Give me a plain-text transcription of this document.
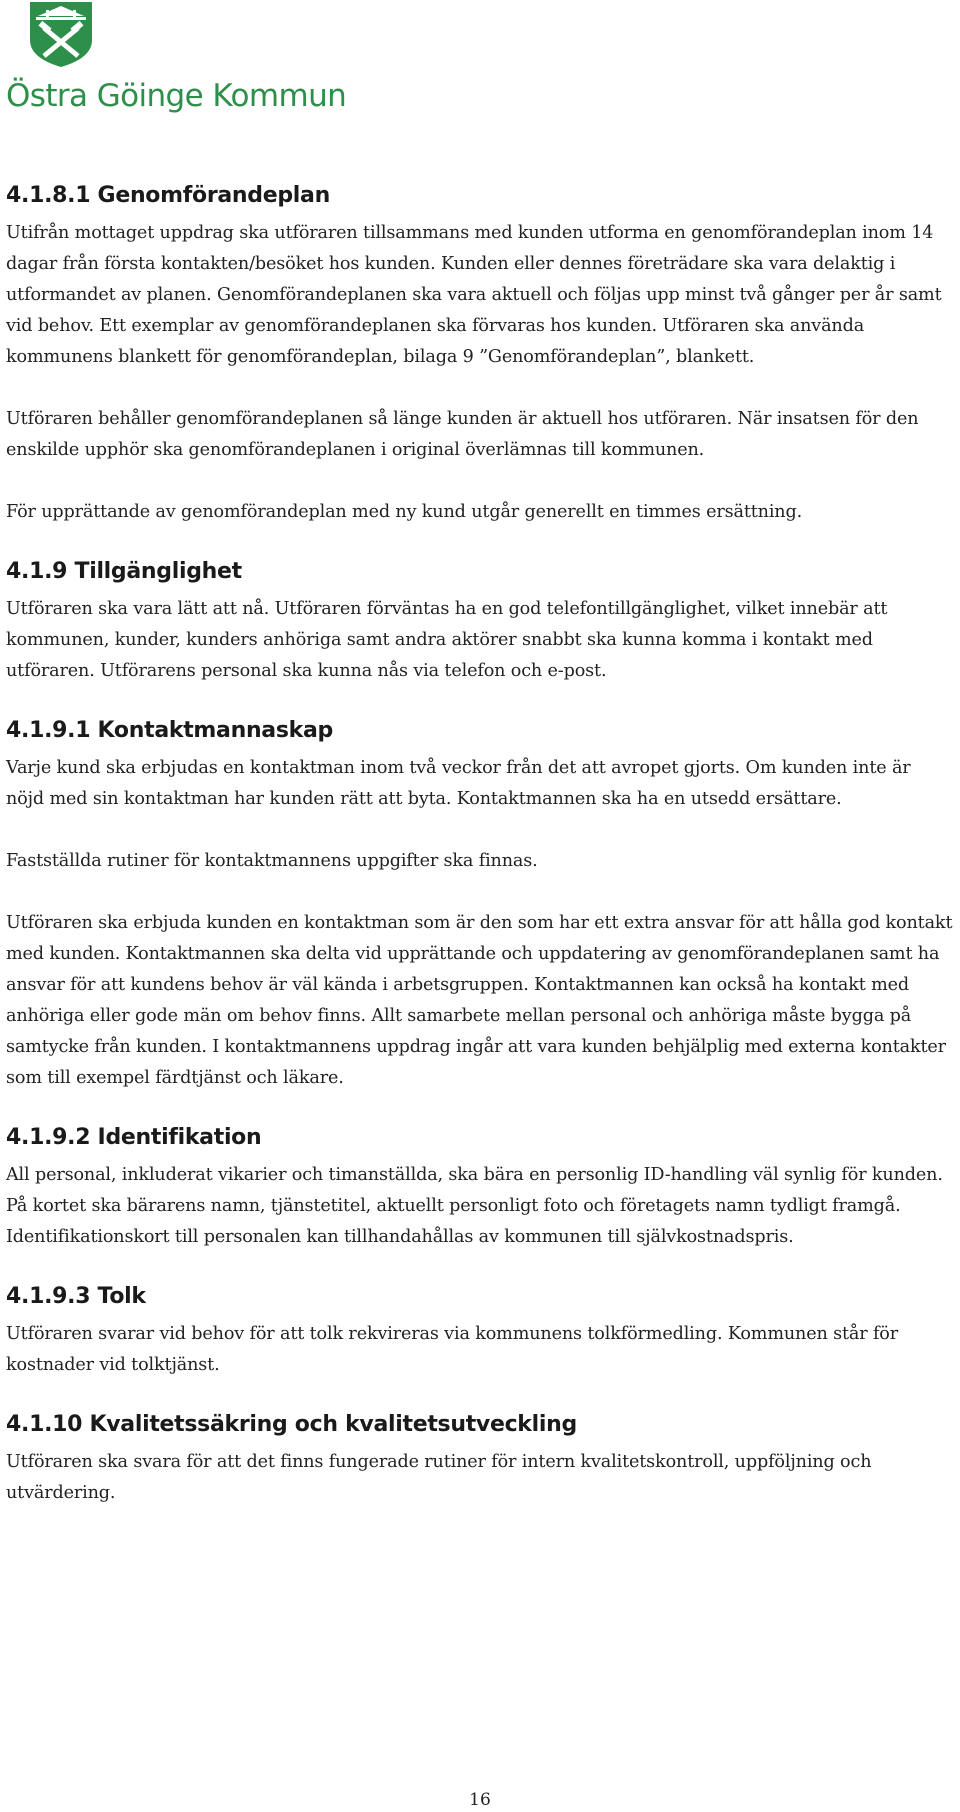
Östra Göinge Kommun
4.1.8.1 Genomförandeplan

Utifrån mottaget uppdrag ska utföraren tillsammans med kunden utforma en genomförandeplan inom 14 dagar från första kontakten/besöket hos kunden. Kunden eller dennes företrädare ska vara delaktig i utformandet av planen. Genomförandeplanen ska vara aktuell och följas upp minst två gånger per år samt vid behov. Ett exemplar av genomförandeplanen ska förvaras hos kunden. Utföraren ska använda kommunens blankett för genomförandeplan, bilaga 9 ”Genomförandeplan”, blankett.

Utföraren behåller genomförandeplanen så länge kunden är aktuell hos utföraren. När insatsen för den enskilde upphör ska genomförandeplanen i original överlämnas till kommunen.

För upprättande av genomförandeplan med ny kund utgår generellt en timmes ersättning.

4.1.9 Tillgänglighet

Utföraren ska vara lätt att nå. Utföraren förväntas ha en god telefontillgänglighet, vilket innebär att kommunen, kunder, kunders anhöriga samt andra aktörer snabbt ska kunna komma i kontakt med utföraren. Utförarens personal ska kunna nås via telefon och e-post.

4.1.9.1 Kontaktmannaskap

Varje kund ska erbjudas en kontaktman inom två veckor från det att avropet gjorts. Om kunden inte är nöjd med sin kontaktman har kunden rätt att byta. Kontaktmannen ska ha en utsedd ersättare.

Fastställda rutiner för kontaktmannens uppgifter ska finnas.

Utföraren ska erbjuda kunden en kontaktman som är den som har ett extra ansvar för att hålla god kontakt med kunden. Kontaktmannen ska delta vid upprättande och uppdatering av genomförandeplanen samt ha ansvar för att kundens behov är väl kända i arbetsgruppen. Kontaktmannen kan också ha kontakt med anhöriga eller gode män om behov finns. Allt samarbete mellan personal och anhöriga måste bygga på samtycke från kunden. I kontaktmannens uppdrag ingår att vara kunden behjälplig med externa kontakter som till exempel färdtjänst och läkare.

4.1.9.2 Identifikation

All personal, inkluderat vikarier och timanställda, ska bära en personlig ID-handling väl synlig för kunden. På kortet ska bärarens namn, tjänstetitel, aktuellt personligt foto och företagets namn tydligt framgå. Identifikationskort till personalen kan tillhandahållas av kommunen till självkostnadspris.

4.1.9.3 Tolk

Utföraren svarar vid behov för att tolk rekvireras via kommunens tolkförmedling. Kommunen står för kostnader vid tolktjänst.

4.1.10 Kvalitetssäkring och kvalitetsutveckling

Utföraren ska svara för att det finns fungerade rutiner för intern kvalitetskontroll, uppföljning och utvärdering.

16
